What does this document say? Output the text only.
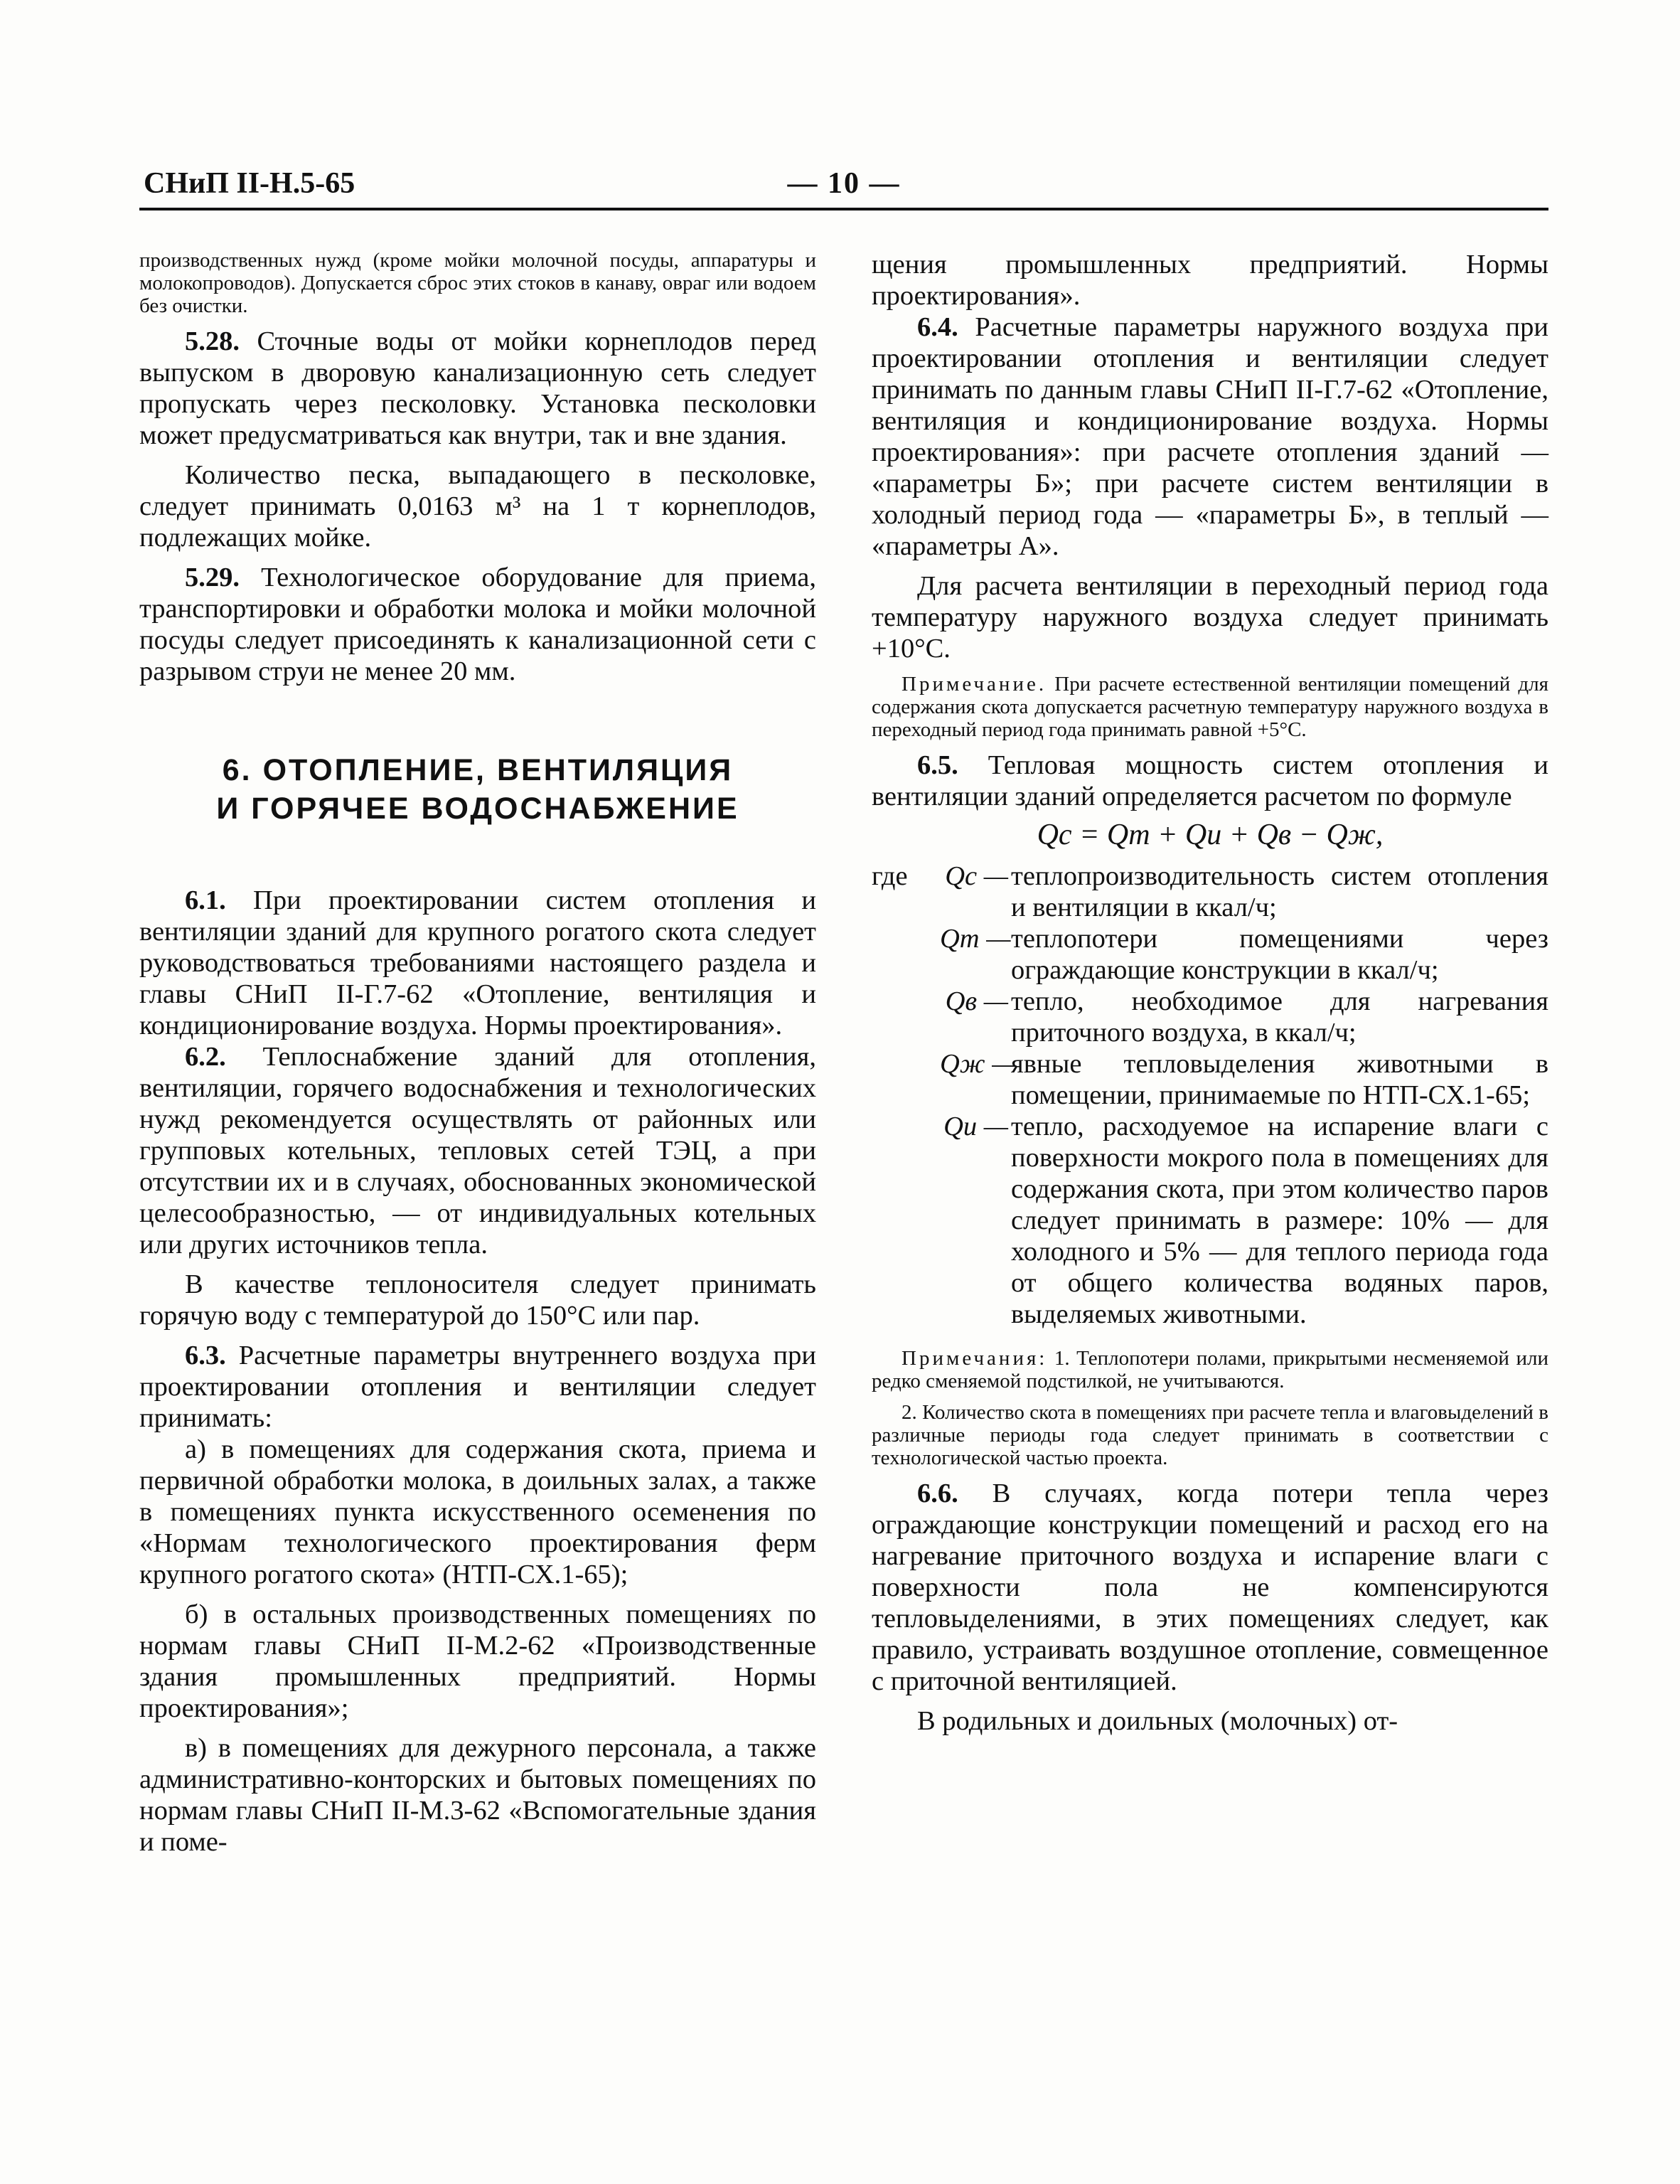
СНиП II-Н.5-65	— 10 —

производственных нужд (кроме мойки молочной посуды, аппаратуры и молокопроводов). Допускается сброс этих стоков в канаву, овраг или водоем без очистки.

5.28. Сточные воды от мойки корнеплодов перед выпуском в дворовую канализационную сеть следует пропускать через песколовку. Установка песколовки может предусматриваться как внутри, так и вне здания.

Количество песка, выпадающего в песколовке, следует принимать 0,0163 м³ на 1 т корнеплодов, подлежащих мойке.

5.29. Технологическое оборудование для приема, транспортировки и обработки молока и мойки молочной посуды следует присоединять к канализационной сети с разрывом струи не менее 20 мм.

6. ОТОПЛЕНИЕ, ВЕНТИЛЯЦИЯ
И ГОРЯЧЕЕ ВОДОСНАБЖЕНИЕ

6.1. При проектировании систем отопления и вентиляции зданий для крупного рогатого скота следует руководствоваться требованиями настоящего раздела и главы СНиП II-Г.7-62 «Отопление, вентиляция и кондиционирование воздуха. Нормы проектирования».

6.2. Теплоснабжение зданий для отопления, вентиляции, горячего водоснабжения и технологических нужд рекомендуется осуществлять от районных или групповых котельных, тепловых сетей ТЭЦ, а при отсутствии их и в случаях, обоснованных экономической целесообразностью, — от индивидуальных котельных или других источников тепла.

В качестве теплоносителя следует принимать горячую воду с температурой до 150°С или пар.

6.3. Расчетные параметры внутреннего воздуха при проектировании отопления и вентиляции следует принимать:

а) в помещениях для содержания скота, приема и первичной обработки молока, в доильных залах, а также в помещениях пункта искусственного осеменения по «Нормам технологического проектирования ферм крупного рогатого скота» (НТП-СХ.1-65);

б) в остальных производственных помещениях по нормам главы СНиП II-М.2-62 «Производственные здания промышленных предприятий. Нормы проектирования»;

в) в помещениях для дежурного персонала, а также административно-конторских и бытовых помещениях по нормам главы СНиП II-М.3-62 «Вспомогательные здания и поме-

щения промышленных предприятий. Нормы проектирования».

6.4. Расчетные параметры наружного воздуха при проектировании отопления и вентиляции следует принимать по данным главы СНиП II-Г.7-62 «Отопление, вентиляция и кондиционирование воздуха. Нормы проектирования»: при расчете отопления зданий — «параметры Б»; при расчете систем вентиляции в холодный период года — «параметры Б», в теплый — «параметры А».

Для расчета вентиляции в переходный период года температуру наружного воздуха следует принимать +10°С.

Примечание. При расчете естественной вентиляции помещений для содержания скота допускается расчетную температуру наружного воздуха в переходный период года принимать равной +5°С.

6.5. Тепловая мощность систем отопления и вентиляции зданий определяется расчетом по формуле

Qс = Qт + Qи + Qв − Qж,
где Qс — теплопроизводительность систем отопления и вентиляции в ккал/ч;
Qт — теплопотери помещениями через ограждающие конструкции в ккал/ч;
Qв — тепло, необходимое для нагревания приточного воздуха, в ккал/ч;
Qж —
явные тепловыделения животными в помещении, принимаемые по НТП-СХ.1-65;
Qи — тепло, расходуемое на испарение влаги с поверхности мокрого пола в помещениях для содержания скота, при этом количество паров следует принимать в размере: 10% — для холодного и 5% — для теплого периода года от общего количества водяных паров, выделяемых животными.

Примечания: 1. Теплопотери полами, прикрытыми несменяемой или редко сменяемой подстилкой, не учитываются.

2. Количество скота в помещениях при расчете тепла и влаговыделений в различные периоды года следует принимать в соответствии с технологической частью проекта.

6.6. В случаях, когда потери тепла через ограждающие конструкции помещений и расход его на нагревание приточного воздуха и испарение влаги с поверхности пола не компенсируются тепловыделениями, в этих помещениях следует, как правило, устраивать воздушное отопление, совмещенное с приточной вентиляцией.

В родильных и доильных (молочных) от-
